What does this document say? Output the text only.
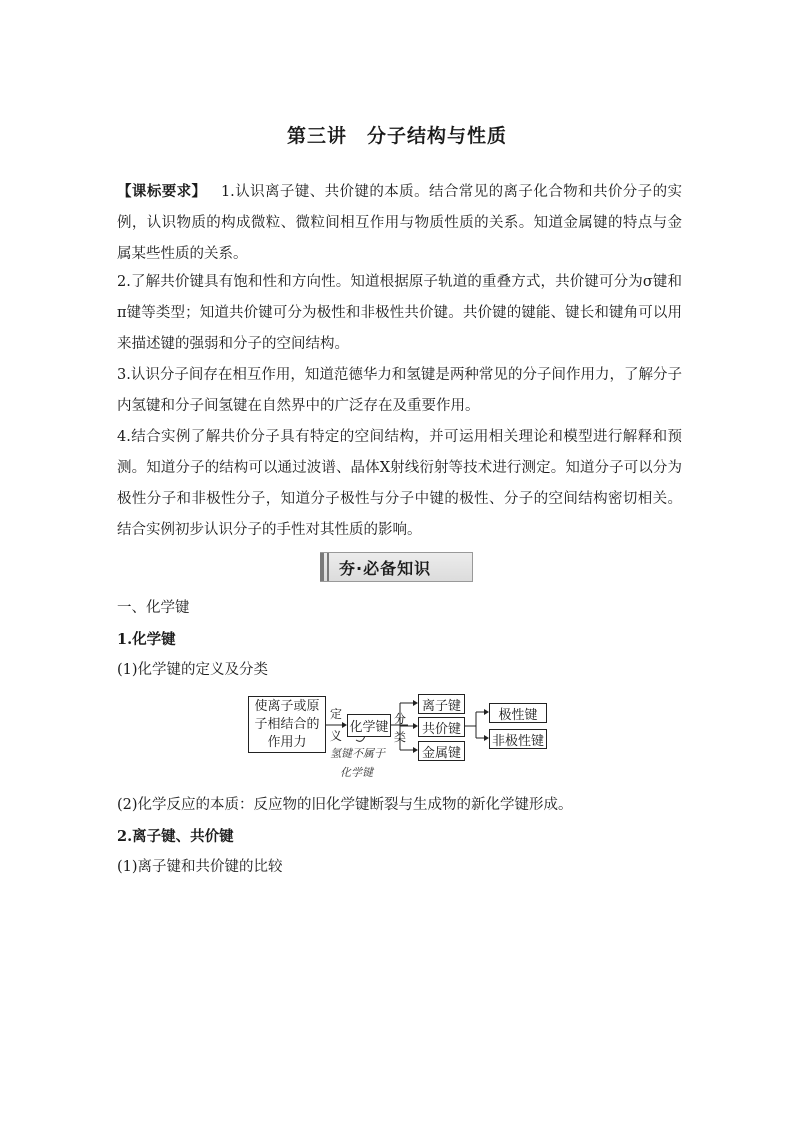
第三讲　分子结构与性质
【课标要求】  1.认识离子键、共价键的本质。结合常见的离子化合物和共价分子的实例，认识物质的构成微粒、微粒间相互作用与物质性质的关系。知道金属键的特点与金属某些性质的关系。
2.了解共价键具有饱和性和方向性。知道根据原子轨道的重叠方式，共价键可分为σ键和π键等类型；知道共价键可分为极性和非极性共价键。共价键的键能、键长和键角可以用来描述键的强弱和分子的空间结构。
3.认识分子间存在相互作用，知道范德华力和氢键是两种常见的分子间作用力，了解分子内氢键和分子间氢键在自然界中的广泛存在及重要作用。
4.结合实例了解共价分子具有特定的空间结构，并可运用相关理论和模型进行解释和预测。知道分子的结构可以通过波谱、晶体X射线衍射等技术进行测定。知道分子可以分为极性分子和非极性分子，知道分子极性与分子中键的极性、分子的空间结构密切相关。结合实例初步认识分子的手性对其性质的影响。
夯·必备知识
一、化学键
1.化学键
(1)化学键的定义及分类
使离子或原子相结合的作用力
定
义
化学键
分
类
离子键
共价键
金属键
极性键
非极性键
氢键不属于
化学键
(2)化学反应的本质：反应物的旧化学键断裂与生成物的新化学键形成。
2.离子键、共价键
(1)离子键和共价键的比较
